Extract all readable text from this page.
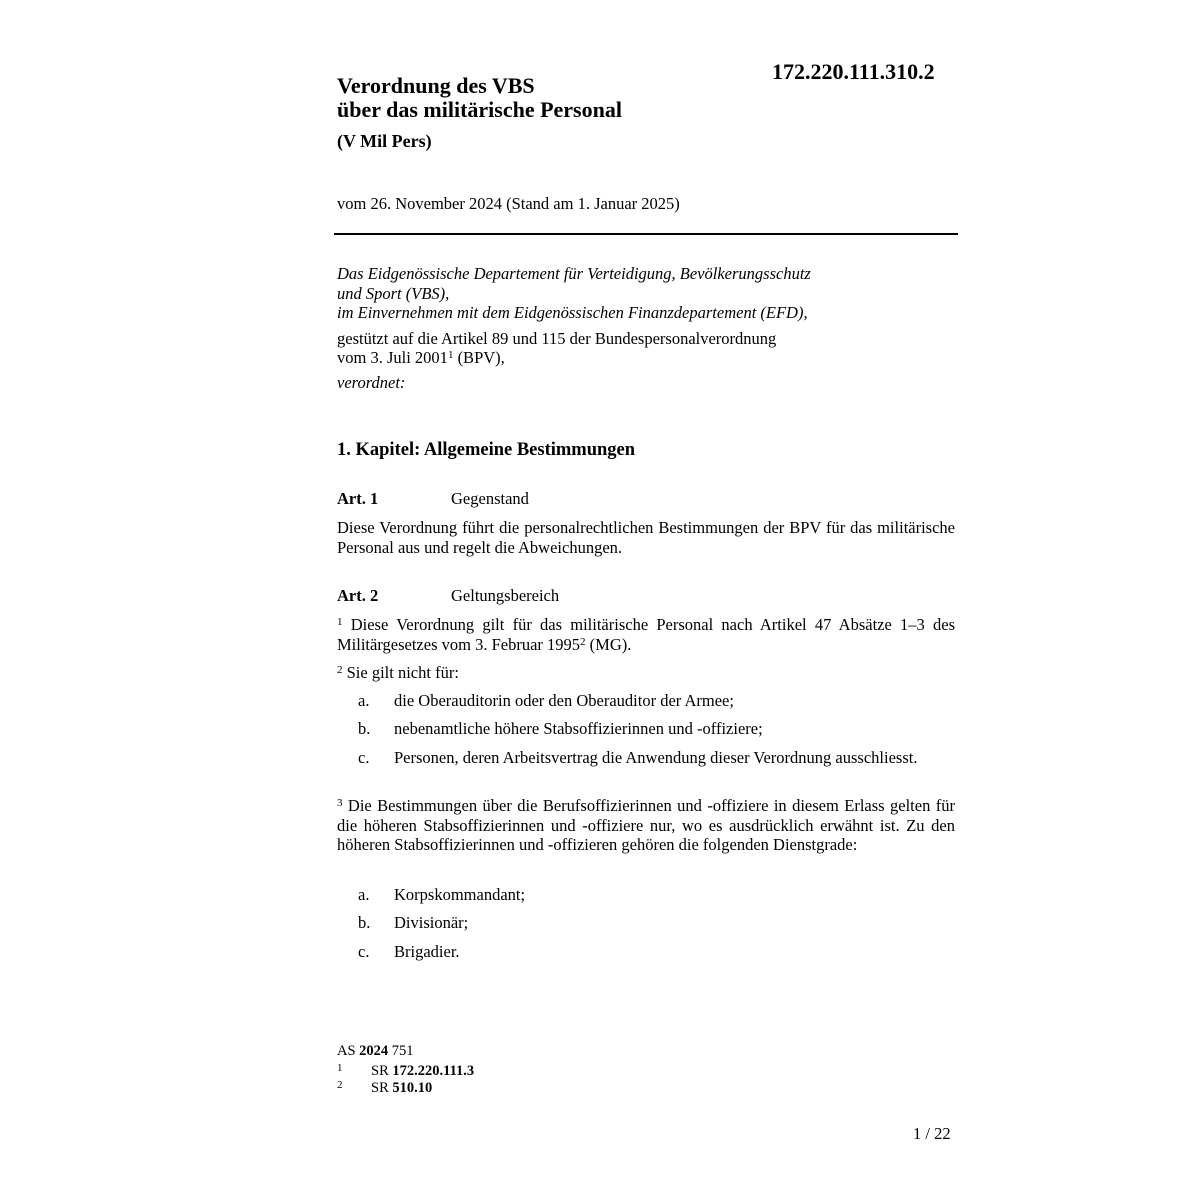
172.220.111.310.2
Verordnung des VBS
über das militärische Personal
(V Mil Pers)
vom 26. November 2024 (Stand am 1. Januar 2025)
Das Eidgenössische Departement für Verteidigung, Bevölkerungsschutz
und Sport (VBS),
im Einvernehmen mit dem Eidgenössischen Finanzdepartement (EFD),
gestützt auf die Artikel 89 und 115 der Bundespersonalverordnung
vom 3. Juli 2001$^1$ (BPV),
verordnet:
1. Kapitel: Allgemeine Bestimmungen
Art. 1	Gegenstand
Diese Verordnung führt die personalrechtlichen Bestimmungen der BPV für das militärische Personal aus und regelt die Abweichungen.
Art. 2	Geltungsbereich
$^1$ Diese Verordnung gilt für das militärische Personal nach Artikel 47 Absätze 1–3 des Militärgesetzes vom 3. Februar 1995$^2$ (MG).
$^2$ Sie gilt nicht für:
a. die Oberauditorin oder den Oberauditor der Armee;
b. nebenamtliche höhere Stabsoffizierinnen und -offiziere;
c. Personen, deren Arbeitsvertrag die Anwendung dieser Verordnung ausschliesst.
$^3$ Die Bestimmungen über die Berufsoffizierinnen und -offiziere in diesem Erlass gelten für die höheren Stabsoffizierinnen und -offiziere nur, wo es ausdrücklich erwähnt ist. Zu den höheren Stabsoffizierinnen und -offizieren gehören die folgenden Dienstgrade:
a. Korpskommandant;
b. Divisionär;
c. Brigadier.
AS 2024 751
1 SR 172.220.111.3
2 SR 510.10
1 / 22
